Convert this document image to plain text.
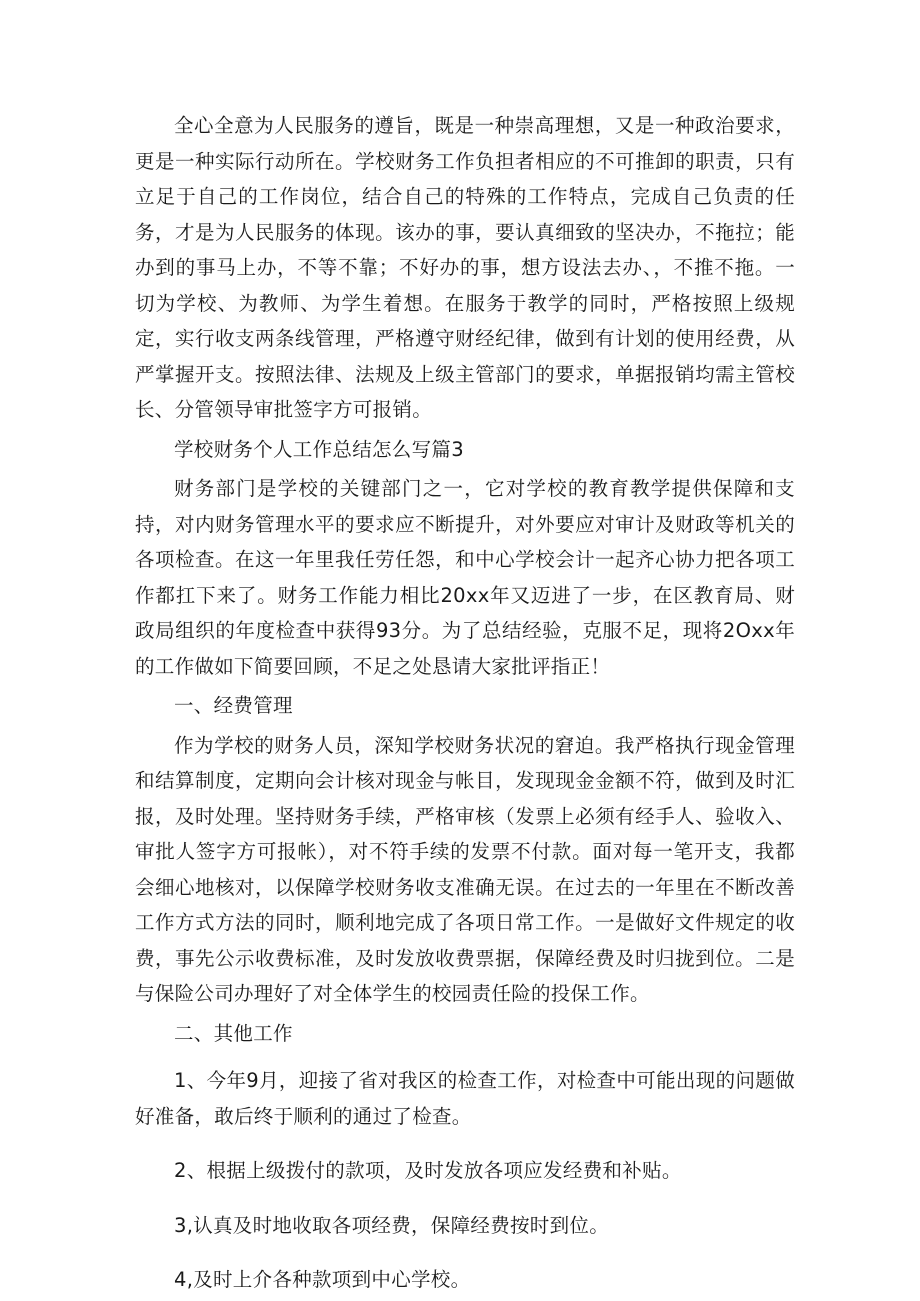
全心全意为人民服务的遵旨，既是一种崇高理想，又是一种政治要求，更是一种实际行动所在。学校财务工作负担者相应的不可推卸的职责，只有立足于自己的工作岗位，结合自己的特殊的工作特点，完成自己负责的任务，才是为人民服务的体现。该办的事，要认真细致的坚决办，不拖拉；能办到的事马上办，不等不靠；不好办的事，想方设法去办、，不推不拖。一切为学校、为教师、为学生着想。在服务于教学的同时，严格按照上级规定，实行收支两条线管理，严格遵守财经纪律，做到有计划的使用经费，从严掌握开支。按照法律、法规及上级主管部门的要求，单据报销均需主管校长、分管领导审批签字方可报销。

学校财务个人工作总结怎么写篇3

财务部门是学校的关键部门之一，它对学校的教育教学提供保障和支持，对内财务管理水平的要求应不断提升，对外要应对审计及财政等机关的各项检查。在这一年里我任劳任怨，和中心学校会计一起齐心协力把各项工作都扛下来了。财务工作能力相比20xx年又迈进了一步，在区教育局、财政局组织的年度检查中获得93分。为了总结经验，克服不足，现将2Oxx年的工作做如下简要回顾，不足之处恳请大家批评指正！

一、经费管理

作为学校的财务人员，深知学校财务状况的窘迫。我严格执行现金管理和结算制度，定期向会计核对现金与帐目，发现现金金额不符，做到及时汇报，及时处理。坚持财务手续，严格审核（发票上必须有经手人、验收入、审批人签字方可报帐），对不符手续的发票不付款。面对每一笔开支，我都会细心地核对，以保障学校财务收支准确无误。在过去的一年里在不断改善工作方式方法的同时，顺利地完成了各项日常工作。一是做好文件规定的收费，事先公示收费标准，及时发放收费票据，保障经费及时归拢到位。二是与保险公司办理好了对全体学生的校园责任险的投保工作。

二、其他工作

1、今年9月，迎接了省对我区的检查工作，对检查中可能出现的问题做好准备，敢后终于顺利的通过了检查。

2、根据上级拨付的款项，及时发放各项应发经费和补贴。

3,认真及时地收取各项经费，保障经费按时到位。

4,及时上介各种款项到中心学校。
